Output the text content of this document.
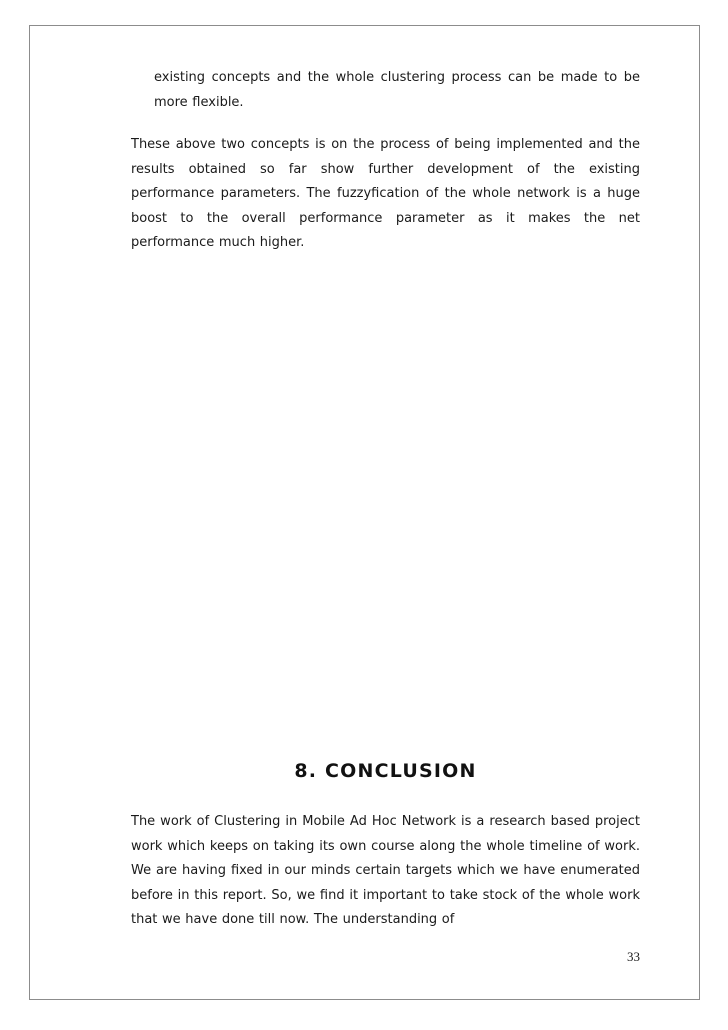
existing concepts and the whole clustering process can be made to be more flexible.

These above two concepts is on the process of being implemented and the results obtained so far show further development of the existing performance parameters. The fuzzyfication of the whole network is a huge boost to the overall performance parameter as it makes the net performance much higher.

8. CONCLUSION

The work of Clustering in Mobile Ad Hoc Network is a research based project work which keeps on taking its own course along the whole timeline of work. We are having fixed in our minds certain targets which we have enumerated before in this report. So, we find it important to take stock of the whole work that we have done till now. The understanding of

33
